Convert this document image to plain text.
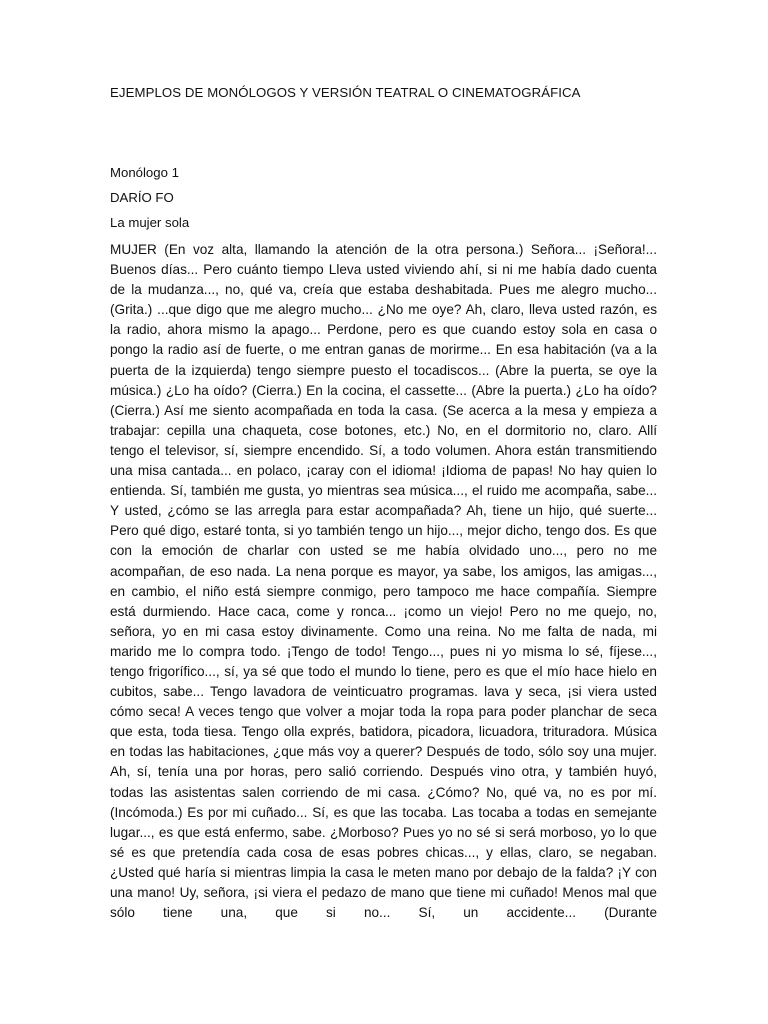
EJEMPLOS DE MONÓLOGOS Y VERSIÓN TEATRAL O CINEMATOGRÁFICA
Monólogo 1
DARÍO FO
La mujer sola
MUJER (En voz alta, llamando la atención de la otra persona.) Señora... ¡Señora!... Buenos días... Pero cuánto tiempo Lleva usted viviendo ahí, si ni me había dado cuenta de la mudanza..., no, qué va, creía que estaba deshabitada. Pues me alegro mucho... (Grita.) ...que digo que me alegro mucho... ¿No me oye? Ah, claro, lleva usted razón, es la radio, ahora mismo la apago... Perdone, pero es que cuando estoy sola en casa o pongo la radio así de fuerte, o me entran ganas de morirme... En esa habitación (va a la puerta de la izquierda) tengo siempre puesto el tocadiscos... (Abre la puerta, se oye la música.) ¿Lo ha oído? (Cierra.) En la cocina, el cassette... (Abre la puerta.) ¿Lo ha oído? (Cierra.) Así me siento acompañada en toda la casa. (Se acerca a la mesa y empieza a trabajar: cepilla una chaqueta, cose botones, etc.) No, en el dormitorio no, claro. Allí tengo el televisor, sí, siempre encendido. Sí, a todo volumen. Ahora están transmitiendo una misa cantada... en polaco, ¡caray con el idioma! ¡Idioma de papas! No hay quien lo entienda. Sí, también me gusta, yo mientras sea música..., el ruido me acompaña, sabe... Y usted, ¿cómo se las arregla para estar acompañada? Ah, tiene un hijo, qué suerte... Pero qué digo, estaré tonta, si yo también tengo un hijo..., mejor dicho, tengo dos. Es que con la emoción de charlar con usted se me había olvidado uno..., pero no me acompañan, de eso nada. La nena porque es mayor, ya sabe, los amigos, las amigas..., en cambio, el niño está siempre conmigo, pero tampoco me hace compañía. Siempre está durmiendo. Hace caca, come y ronca... ¡como un viejo! Pero no me quejo, no, señora, yo en mi casa estoy divinamente. Como una reina. No me falta de nada, mi marido me lo compra todo. ¡Tengo de todo! Tengo..., pues ni yo misma lo sé, fíjese..., tengo frigorífico..., sí, ya sé que todo el mundo lo tiene, pero es que el mío hace hielo en cubitos, sabe... Tengo lavadora de veinticuatro programas. lava y seca, ¡si viera usted cómo seca! A veces tengo que volver a mojar toda la ropa para poder planchar de seca que esta, toda tiesa. Tengo olla exprés, batidora, picadora, licuadora, trituradora. Música en todas las habitaciones, ¿que más voy a querer? Después de todo, sólo soy una mujer. Ah, sí, tenía una por horas, pero salió corriendo. Después vino otra, y también huyó, todas las asistentas salen corriendo de mi casa. ¿Cómo? No, qué va, no es por mí. (Incómoda.) Es por mi cuñado... Sí, es que las tocaba. Las tocaba a todas en semejante lugar..., es que está enfermo, sabe. ¿Morboso? Pues yo no sé si será morboso, yo lo que sé es que pretendía cada cosa de esas pobres chicas..., y ellas, claro, se negaban. ¿Usted qué haría si mientras limpia la casa le meten mano por debajo de la falda? ¡Y con una mano! Uy, señora, ¡si viera el pedazo de mano que tiene mi cuñado! Menos mal que sólo tiene una, que si no... Sí, un accidente... (Durante
